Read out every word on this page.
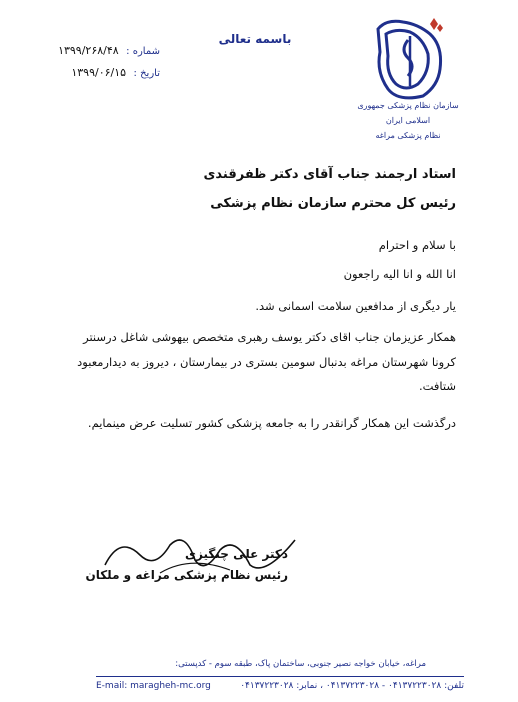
باسمه تعالی
شماره : ۱۳۹۹/۲۶۸/۴۸
تاریخ : ۱۳۹۹/۰۶/۱۵
سازمان نظام پزشکی جمهوری اسلامی ایران
نظام پزشکی مراغه
استاد ارجمند جناب آقای دکتر ظفرقندی
رئیس کل محترم سازمان نظام پزشکی
با سلام و احترام
انا الله و انا الیه راجعون
یار دیگری از مدافعین سلامت اسمانی شد.
همکار عزیزمان جناب اقای دکتر یوسف رهبری متخصص بیهوشی شاغل درسنتر
کرونا شهرستان مراغه بدنبال سومین بستری در بیمارستان ، دیروز به دیدارمعبود
شتافت.
درگذشت این همکار گرانقدر را به جامعه پزشکی کشور تسلیت عرض مینمایم.
دکتر علی چنگیزی
رئیس نظام پزشکی مراغه و ملکان
مراغه، خیابان خواجه نصیر جنوبی، ساختمان پاک، طبقه سوم - کدپستی:
تلفن: ۰۴۱۳۷۲۲۳۰۲۸ - ۰۴۱۳۷۲۲۳۰۲۸ ، نمابر: ۰۴۱۳۷۲۲۳۰۲۸
E-mail: maragheh-mc.org
